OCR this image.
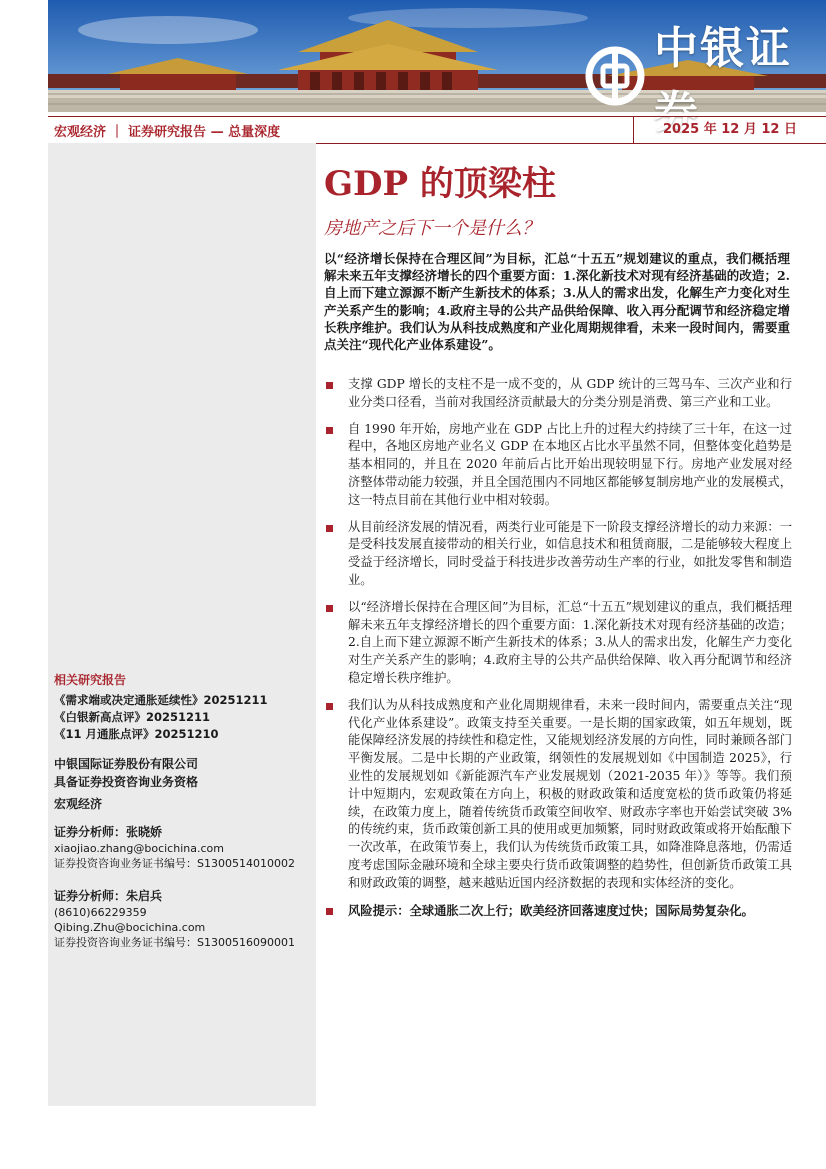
中银证券
宏观经济 ｜ 证券研究报告 — 总量深度	2025 年 12 月 12 日
相关研究报告
《需求端或决定通胀延续性》20251211
《白银新高点评》20251211
《11 月通胀点评》20251210
中银国际证券股份有限公司
具备证券投资咨询业务资格
宏观经济
证券分析师：张晓娇
xiaojiao.zhang@bocichina.com
证券投资咨询业务证书编号：S1300514010002
证券分析师：朱启兵
(8610)66229359
Qibing.Zhu@bocichina.com
证券投资咨询业务证书编号：S1300516090001
GDP 的顶梁柱
房地产之后下一个是什么？

以“经济增长保持在合理区间”为目标，汇总“十五五”规划建议的重点，我们概括理解未来五年支撑经济增长的四个重要方面：1.深化新技术对现有经济基础的改造；2.自上而下建立源源不断产生新技术的体系；3.从人的需求出发，化解生产力变化对生产关系产生的影响；4.政府主导的公共产品供给保障、收入再分配调节和经济稳定增长秩序维护。我们认为从科技成熟度和产业化周期规律看，未来一段时间内，需要重点关注“现代化产业体系建设”。

支撑 GDP 增长的支柱不是一成不变的，从 GDP 统计的三驾马车、三次产业和行业分类口径看，当前对我国经济贡献最大的分类分别是消费、第三产业和工业。
自 1990 年开始，房地产业在 GDP 占比上升的过程大约持续了三十年，在这一过程中，各地区房地产业名义 GDP 在本地区占比水平虽然不同，但整体变化趋势是基本相同的，并且在 2020 年前后占比开始出现较明显下行。房地产业发展对经济整体带动能力较强，并且全国范围内不同地区都能够复制房地产业的发展模式，这一特点目前在其他行业中相对较弱。
从目前经济发展的情况看，两类行业可能是下一阶段支撑经济增长的动力来源：一是受科技发展直接带动的相关行业，如信息技术和租赁商服，二是能够较大程度上受益于经济增长，同时受益于科技进步改善劳动生产率的行业，如批发零售和制造业。
以“经济增长保持在合理区间”为目标，汇总“十五五”规划建议的重点，我们概括理解未来五年支撑经济增长的四个重要方面：1.深化新技术对现有经济基础的改造；2.自上而下建立源源不断产生新技术的体系；3.从人的需求出发，化解生产力变化对生产关系产生的影响；4.政府主导的公共产品供给保障、收入再分配调节和经济稳定增长秩序维护。
我们认为从科技成熟度和产业化周期规律看，未来一段时间内，需要重点关注“现代化产业体系建设”。政策支持至关重要。一是长期的国家政策，如五年规划，既能保障经济发展的持续性和稳定性，又能规划经济发展的方向性，同时兼顾各部门平衡发展。二是中长期的产业政策，纲领性的发展规划如《中国制造 2025》，行业性的发展规划如《新能源汽车产业发展规划（2021-2035 年）》等等。我们预计中短期内，宏观政策在方向上，积极的财政政策和适度宽松的货币政策仍将延续，在政策力度上，随着传统货币政策空间收窄、财政赤字率也开始尝试突破 3%的传统约束，货币政策创新工具的使用或更加频繁，同时财政政策或将开始酝酿下一次改革，在政策节奏上，我们认为传统货币政策工具，如降准降息落地，仍需适度考虑国际金融环境和全球主要央行货币政策调整的趋势性，但创新货币政策工具和财政政策的调整，越来越贴近国内经济数据的表现和实体经济的变化。
风险提示：全球通胀二次上行；欧美经济回落速度过快；国际局势复杂化。
